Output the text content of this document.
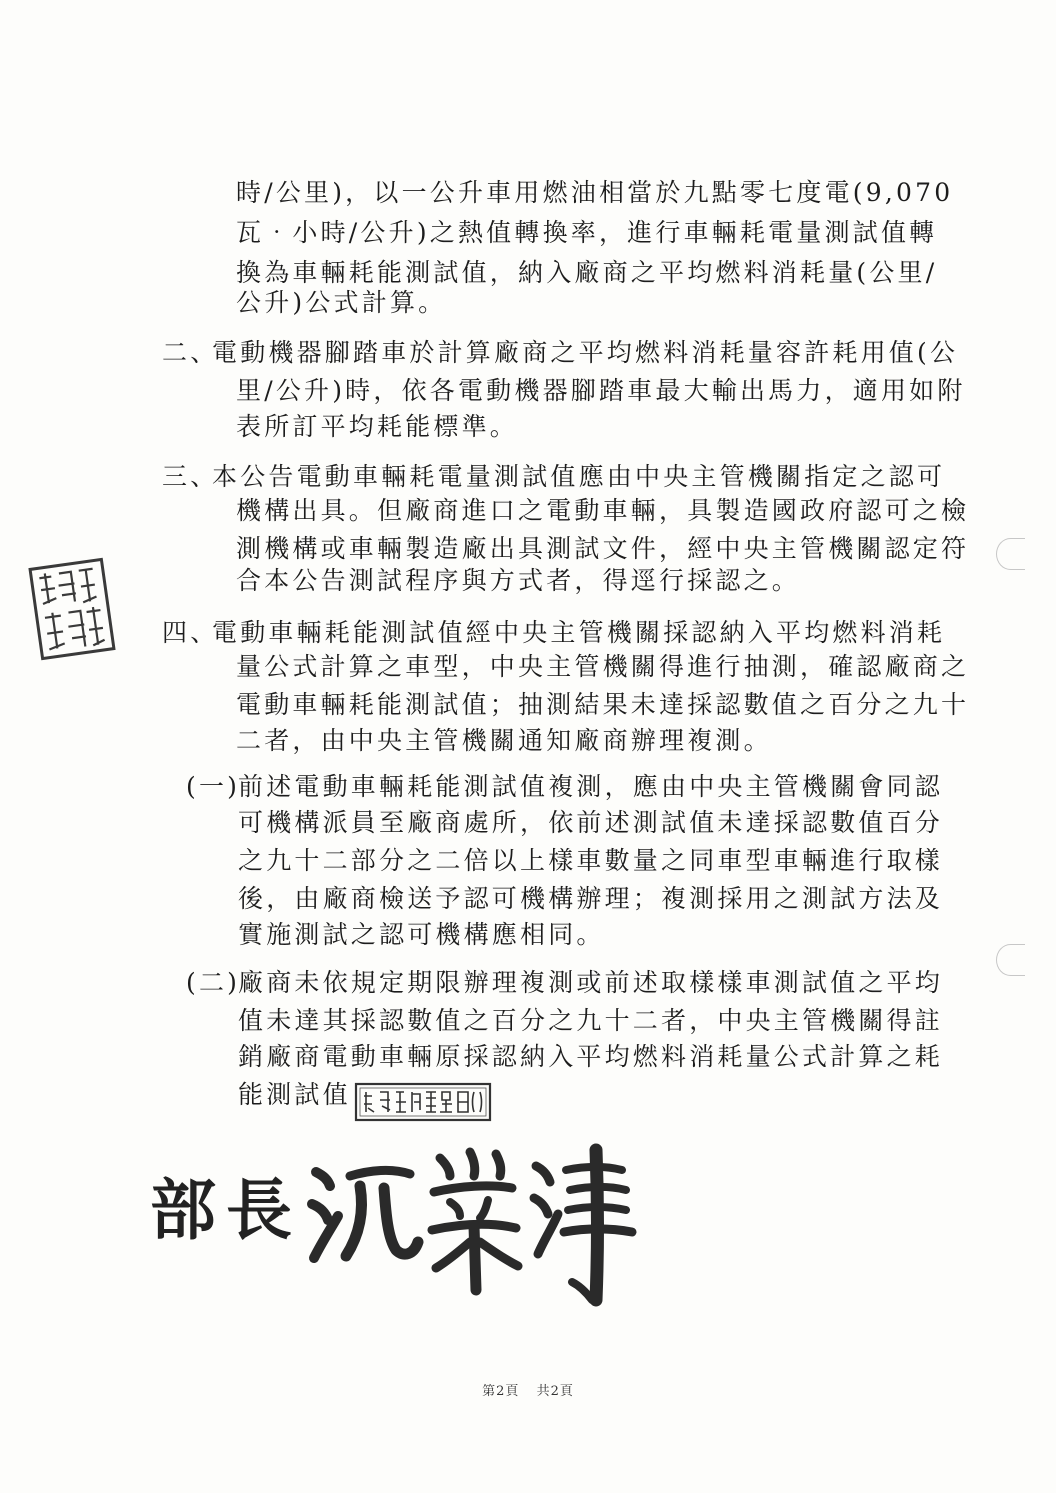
時/公里)，以一公升車用燃油相當於九點零七度電(9,070
瓦‧小時/公升)之熱值轉換率，進行車輛耗電量測試值轉
換為車輛耗能測試值，納入廠商之平均燃料消耗量(公里/
公升)公式計算。
二、
電動機器腳踏車於計算廠商之平均燃料消耗量容許耗用值(公
里/公升)時，依各電動機器腳踏車最大輸出馬力，適用如附
表所訂平均耗能標準。
三、
本公告電動車輛耗電量測試值應由中央主管機關指定之認可
機構出具。但廠商進口之電動車輛，具製造國政府認可之檢
測機構或車輛製造廠出具測試文件，經中央主管機關認定符
合本公告測試程序與方式者，得逕行採認之。
四、
電動車輛耗能測試值經中央主管機關採認納入平均燃料消耗
量公式計算之車型，中央主管機關得進行抽測，確認廠商之
電動車輛耗能測試值；抽測結果未達採認數值之百分之九十
二者，由中央主管機關通知廠商辦理複測。
(一)
前述電動車輛耗能測試值複測，應由中央主管機關會同認
可機構派員至廠商處所，依前述測試值未達採認數值百分
之九十二部分之二倍以上樣車數量之同車型車輛進行取樣
後，由廠商檢送予認可機構辦理；複測採用之測試方法及
實施測試之認可機構應相同。
(二)
廠商未依規定期限辦理複測或前述取樣樣車測試值之平均
值未達其採認數值之百分之九十二者，中央主管機關得註
銷廠商電動車輛原採認納入平均燃料消耗量公式計算之耗
能測試值
部長
第2頁 共2頁
